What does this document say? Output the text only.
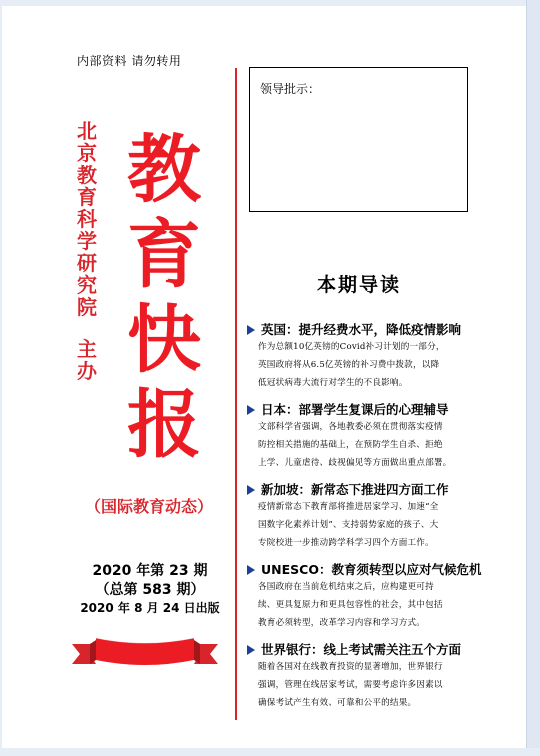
内部资料 请勿转用
北京教育科学研究院
主办
教
育
快
报
（国际教育动态）
2020 年第 23 期
（总第 583 期）
2020 年 8 月 24 日出版
领导批示：
本期导读
英国：提升经费水平，降低疫情影响
作为总额10亿英镑的Covid补习计划的一部分，
英国政府将从6.5亿英镑的补习费中拨款，以降
低冠状病毒大流行对学生的不良影响。
日本：部署学生复课后的心理辅导
文部科学省强调，各地教委必须在贯彻落实疫情
防控相关措施的基础上，在预防学生自杀、拒绝
上学、儿童虐待、歧视偏见等方面做出重点部署。
新加坡：新常态下推进四方面工作
疫情新常态下教育部将推进居家学习、加速“全
国数字化素养计划”、支持弱势家庭的孩子、大
专院校进一步推动跨学科学习四个方面工作。
UNESCO：教育须转型以应对气候危机
各国政府在当前危机结束之后，应构建更可持
续、更具复原力和更具包容性的社会，其中包括
教育必须转型，改革学习内容和学习方式。
世界银行：线上考试需关注五个方面
随着各国对在线教育投资的显著增加，世界银行
强调，管理在线居家考试，需要考虑许多因素以
确保考试产生有效、可靠和公平的结果。
